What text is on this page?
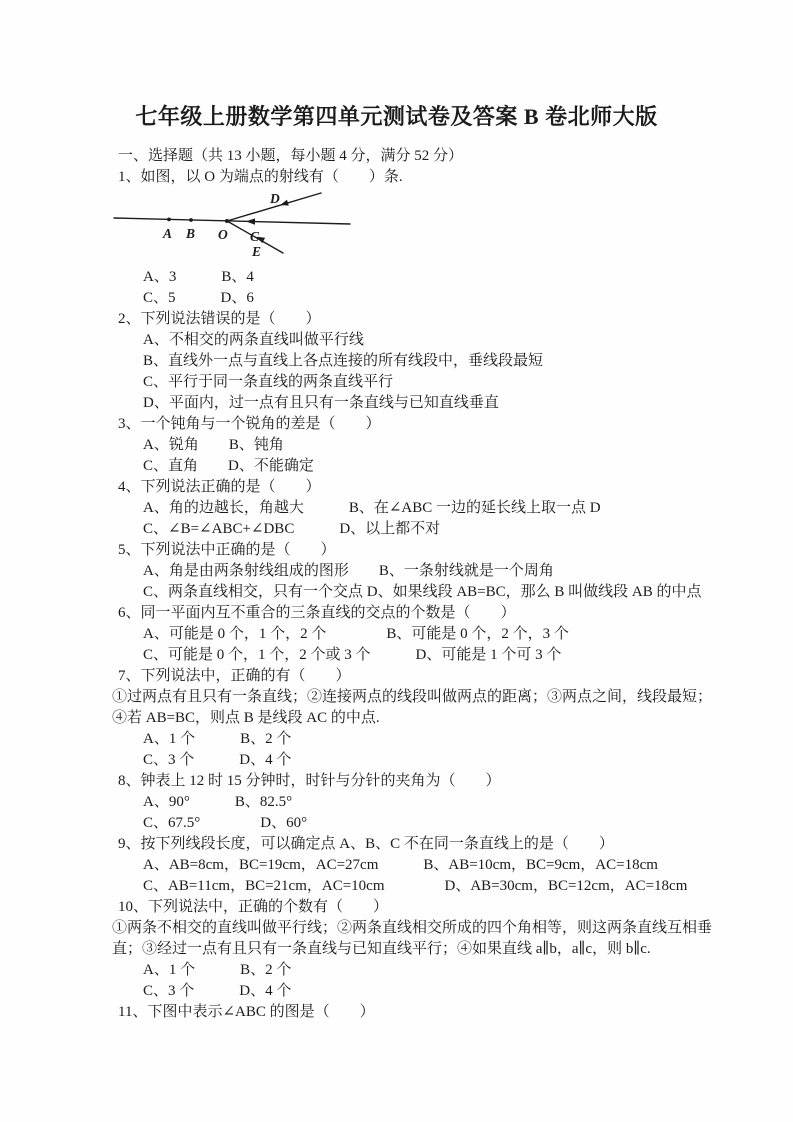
七年级上册数学第四单元测试卷及答案 B 卷北师大版
一、选择题（共 13 小题，每小题 4 分，满分 52 分）
1、如图，以 O 为端点的射线有（　　）条.
A B O C
D
E
A、3　　　B、4
C、5　　　D、6
2、下列说法错误的是（　　）
A、不相交的两条直线叫做平行线
B、直线外一点与直线上各点连接的所有线段中，垂线段最短
C、平行于同一条直线的两条直线平行
D、平面内，过一点有且只有一条直线与已知直线垂直
3、一个钝角与一个锐角的差是（　　）
A、锐角　　B、钝角
C、直角　　D、不能确定
4、下列说法正确的是（　　）
A、角的边越长，角越大　　　B、在∠ABC 一边的延长线上取一点 D
C、∠B=∠ABC+∠DBC　　　D、以上都不对
5、下列说法中正确的是（　　）
A、角是由两条射线组成的图形　　B、一条射线就是一个周角
C、两条直线相交，只有一个交点 D、如果线段 AB=BC，那么 B 叫做线段 AB 的中点
6、同一平面内互不重合的三条直线的交点的个数是（　　）
A、可能是 0 个，1 个，2 个　　　　B、可能是 0 个，2 个，3 个
C、可能是 0 个，1 个，2 个或 3 个　　　D、可能是 1 个可 3 个
7、下列说法中，正确的有（　　）
①过两点有且只有一条直线；②连接两点的线段叫做两点的距离；③两点之间，线段最短；
④若 AB=BC，则点 B 是线段 AC 的中点.
A、1 个　　　B、2 个
C、3 个　　　D、4 个
8、钟表上 12 时 15 分钟时，时针与分针的夹角为（　　）
A、90°　　　B、82.5°
C、67.5°　　　　D、60°
9、按下列线段长度，可以确定点 A、B、C 不在同一条直线上的是（　　）
A、AB=8cm，BC=19cm，AC=27cm　　　B、AB=10cm，BC=9cm，AC=18cm
C、AB=11cm，BC=21cm，AC=10cm　　　　D、AB=30cm，BC=12cm，AC=18cm
10、下列说法中，正确的个数有（　　）
①两条不相交的直线叫做平行线；②两条直线相交所成的四个角相等，则这两条直线互相垂
直；③经过一点有且只有一条直线与已知直线平行；④如果直线 a∥b，a∥c，则 b∥c.
A、1 个　　　B、2 个
C、3 个　　　D、4 个
11、下图中表示∠ABC 的图是（　　）
